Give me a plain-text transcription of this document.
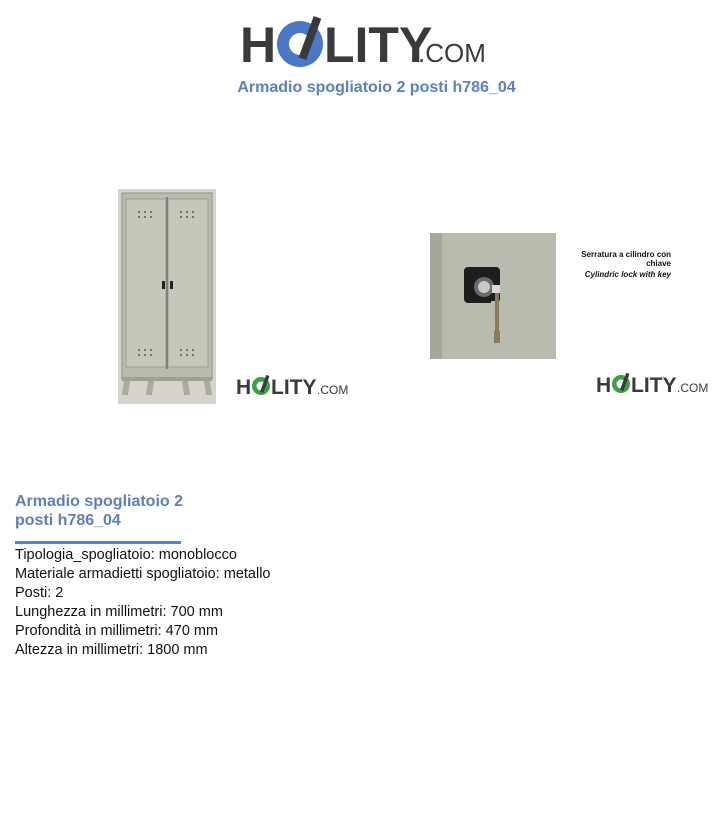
H LITY
.COM
Armadio spogliatoio 2 posti h786_04
Serratura a cilindro con chiave
Cylindric lock with key
H LITY .COM	H LITY .COM
Armadio spogliatoio 2 posti h786_04
Tipologia_spogliatoio: monoblocco
Materiale armadietti spogliatoio: metallo
Posti: 2
Lunghezza in millimetri: 700 mm
Profondità in millimetri: 470 mm
Altezza in millimetri: 1800 mm
